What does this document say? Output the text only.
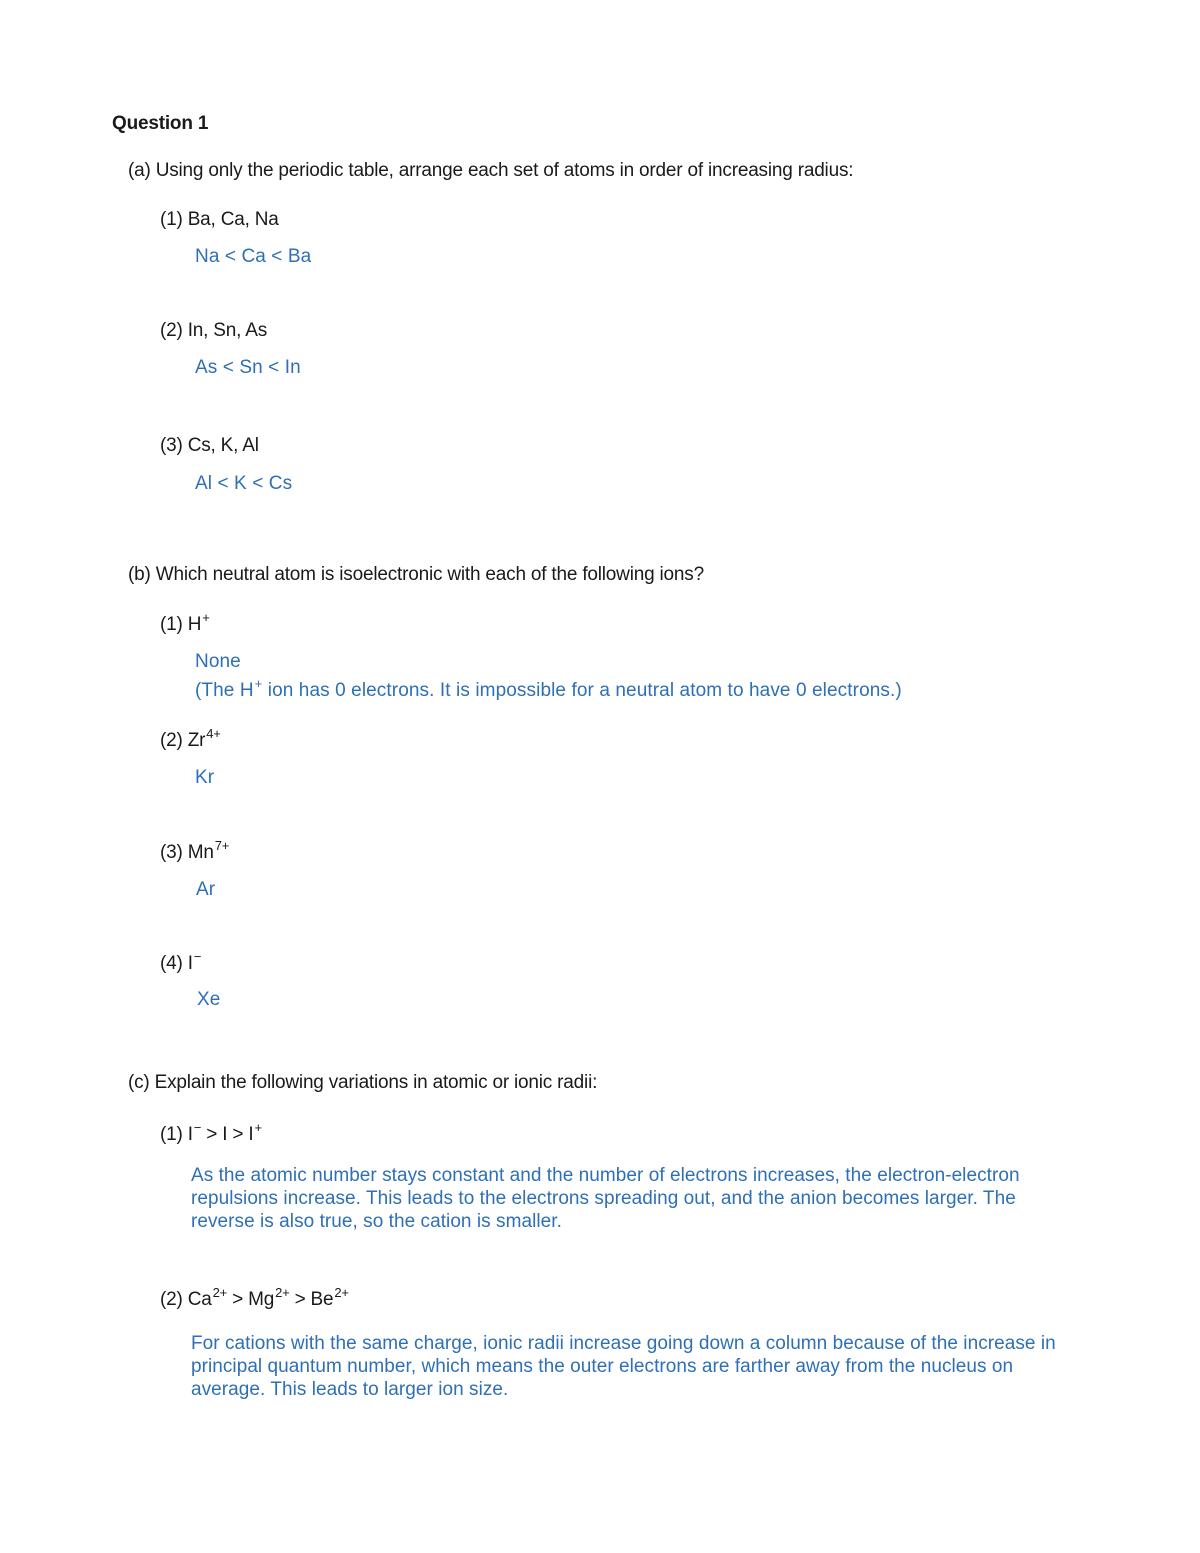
Question 1
(a) Using only the periodic table, arrange each set of atoms in order of increasing radius:
(1) Ba, Ca, Na
Na < Ca < Ba
(2) In, Sn, As
As < Sn < In
(3) Cs, K, Al
Al < K < Cs
(b) Which neutral atom is isoelectronic with each of the following ions?
(1) H+
None
(The H+ ion has 0 electrons. It is impossible for a neutral atom to have 0 electrons.)
(2) $Zr^{4+}$
Kr
(3) $Mn^{7+}$
Ar
(4) I−
Xe
(c) Explain the following variations in atomic or ionic radii:
(1) I− > I > I+
As the atomic number stays constant and the number of electrons increases, the electron-electron repulsions increase. This leads to the electrons spreading out, and the anion becomes larger. The reverse is also true, so the cation is smaller.
(2) $Ca^{2+} > Mg^{2+} > Be^{2+}$
For cations with the same charge, ionic radii increase going down a column because of the increase in principal quantum number, which means the outer electrons are farther away from the nucleus on average. This leads to larger ion size.
